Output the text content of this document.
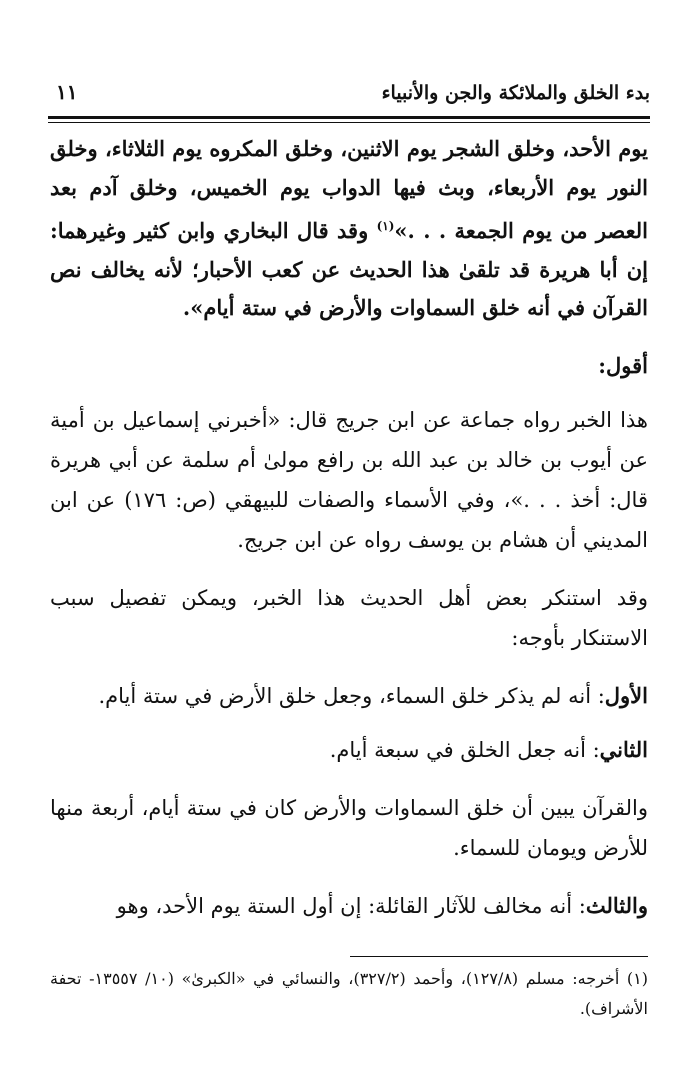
بدء الخلق والملائكة والجن والأنبياء
١١

يوم الأحد، وخلق الشجر يوم الاثنين، وخلق المكروه يوم الثلاثاء، وخلق النور يوم الأربعاء، وبث فيها الدواب يوم الخميس، وخلق آدم بعد العصر من يوم الجمعة . . .»$^{(١)}$ وقد قال البخاري وابن كثير وغيرهما: إن أبا هريرة قد تلقىٰ هذا الحديث عن كعب الأحبار؛ لأنه يخالف نص القرآن في أنه خلق السماوات والأرض في ستة أيام».

أقول:

هذا الخبر رواه جماعة عن ابن جريج قال: «أخبرني إسماعيل بن أمية عن أيوب بن خالد بن عبد الله بن رافع مولىٰ أم سلمة عن أبي هريرة قال: أخذ . . .»، وفي الأسماء والصفات للبيهقي (ص: ١٧٦) عن ابن المديني أن هشام بن يوسف رواه عن ابن جريج.

وقد استنكر بعض أهل الحديث هذا الخبر، ويمكن تفصيل سبب الاستنكار بأوجه:

الأول: أنه لم يذكر خلق السماء، وجعل خلق الأرض في ستة أيام.

الثاني: أنه جعل الخلق في سبعة أيام.

والقرآن يبين أن خلق السماوات والأرض كان في ستة أيام، أربعة منها للأرض ويومان للسماء.

والثالث: أنه مخالف للآثار القائلة: إن أول الستة يوم الأحد، وهو

(١) أخرجه: مسلم (١٢٧/٨)، وأحمد (٣٢٧/٢)، والنسائي في «الكبرىٰ» (١٠/ ١٣٥٥٧- تحفة الأشراف).
